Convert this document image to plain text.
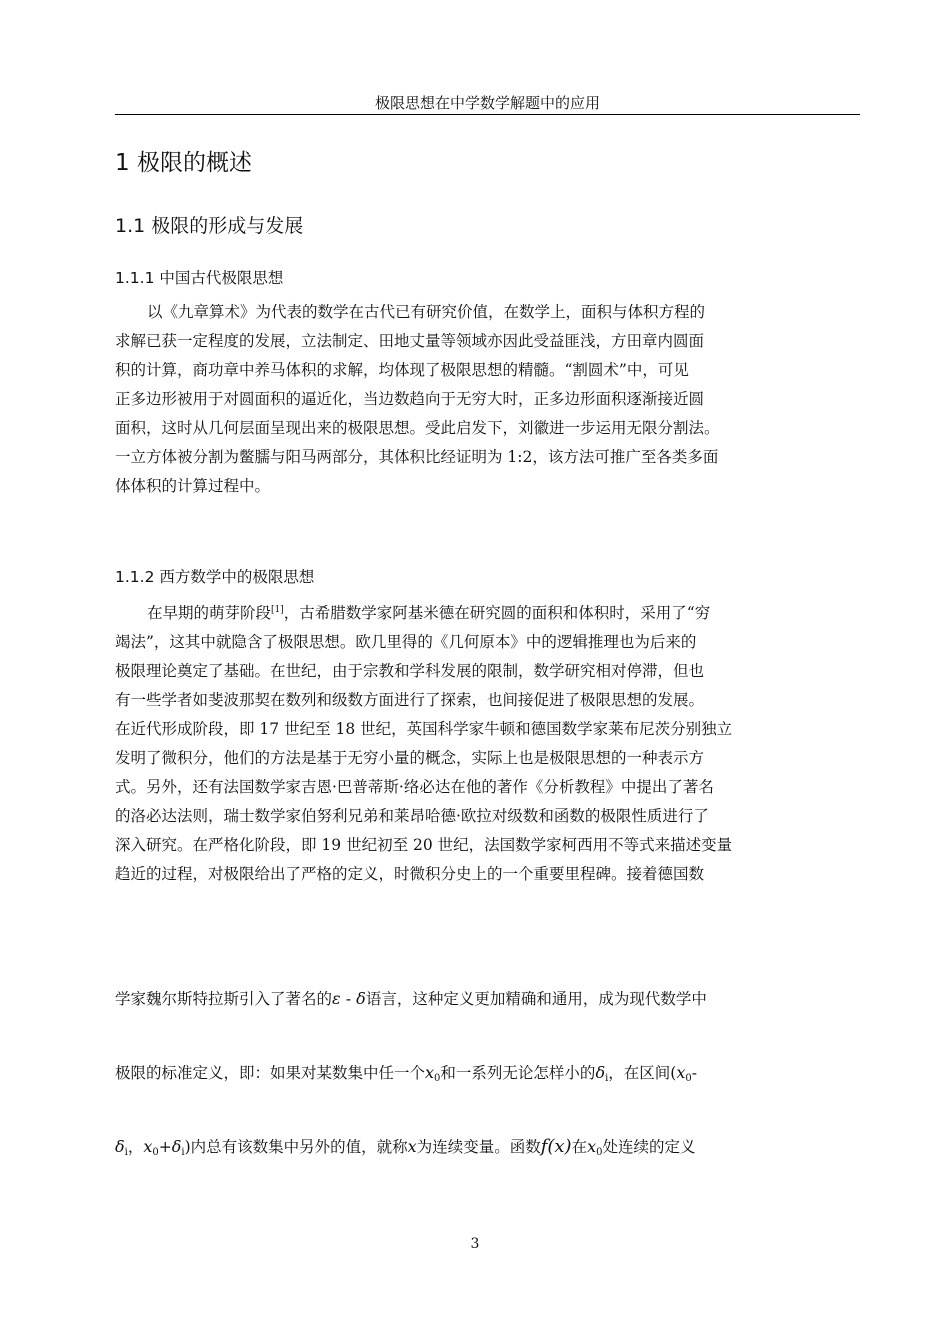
极限思想在中学数学解题中的应用
1 极限的概述
1.1 极限的形成与发展
1.1.1 中国古代极限思想
以《九章算术》为代表的数学在古代已有研究价值，在数学上，面积与体积方程的
求解已获一定程度的发展，立法制定、田地丈量等领域亦因此受益匪浅，方田章内圆面
积的计算，商功章中养马体积的求解，均体现了极限思想的精髓。“割圆术”中，可见
正多边形被用于对圆面积的逼近化，当边数趋向于无穷大时，正多边形面积逐渐接近圆
面积，这时从几何层面呈现出来的极限思想。受此启发下，刘徽进一步运用无限分割法。
一立方体被分割为鳖臑与阳马两部分，其体积比经证明为 1:2，该方法可推广至各类多面
体体积的计算过程中。
1.1.2 西方数学中的极限思想
在早期的萌芽阶段[1]，古希腊数学家阿基米德在研究圆的面积和体积时，采用了“穷
竭法”，这其中就隐含了极限思想。欧几里得的《几何原本》中的逻辑推理也为后来的
极限理论奠定了基础。在世纪，由于宗教和学科发展的限制，数学研究相对停滞，但也
有一些学者如斐波那契在数列和级数方面进行了探索，也间接促进了极限思想的发展。
在近代形成阶段，即 17 世纪至 18 世纪，英国科学家牛顿和德国数学家莱布尼茨分别独立
发明了微积分，他们的方法是基于无穷小量的概念，实际上也是极限思想的一种表示方
式。另外，还有法国数学家吉恩·巴普蒂斯·络必达在他的著作《分析教程》中提出了著名
的洛必达法则，瑞士数学家伯努利兄弟和莱昂哈德·欧拉对级数和函数的极限性质进行了
深入研究。在严格化阶段，即 19 世纪初至 20 世纪，法国数学家柯西用不等式来描述变量
趋近的过程，对极限给出了严格的定义，时微积分史上的一个重要里程碑。接着德国数
学家魏尔斯特拉斯引入了著名的ε - δ语言，这种定义更加精确和通用，成为现代数学中
极限的标准定义，即：如果对某数集中任一个$x_0$和一系列无论怎样小的$\delta_i$，在区间($x_0-$
$\delta_i$，$x_0+\delta_i$)内总有该数集中另外的值，就称x为连续变量。函数f(x)在$x_0$处连续的定义
3
